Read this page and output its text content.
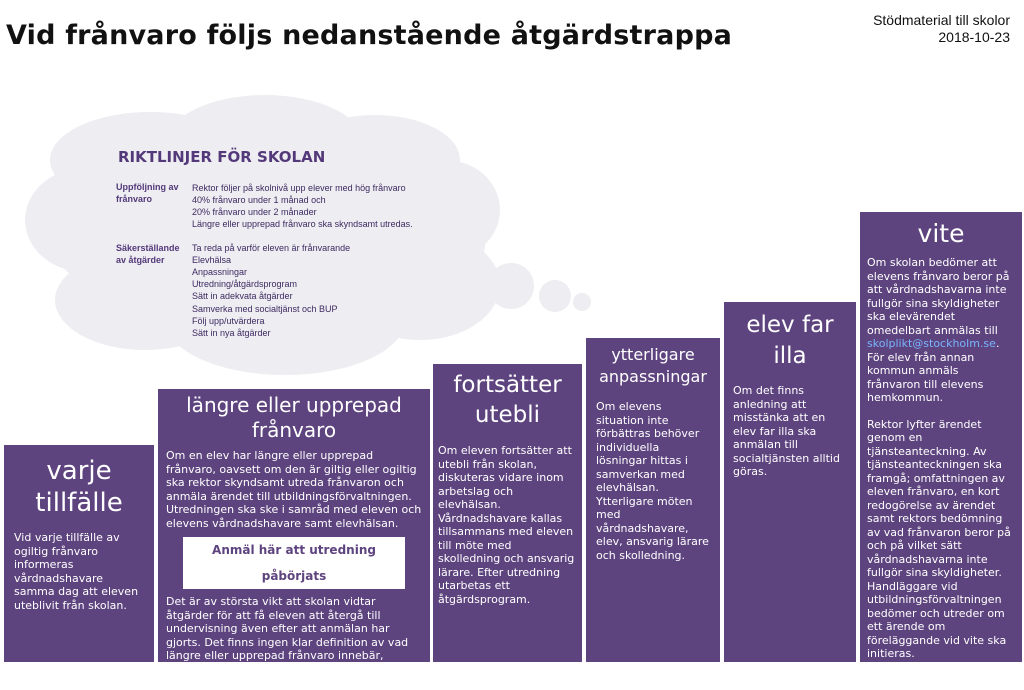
Vid frånvaro följs nedanstående åtgärdstrappa	Stödmaterial till skolor
2018-10-23
RIKTLINJER FÖR SKOLAN
Uppföljning av frånvaro
Rektor följer på skolnivå upp elever med hög frånvaro
40% frånvaro under 1 månad och
20% frånvaro under 2 månader
Längre eller upprepad frånvaro ska skyndsamt utredas.
Säkerställande av åtgärder
Ta reda på varför eleven är frånvarande
Elevhälsa
Anpassningar
Utredning/åtgärdsprogram
Sätt in adekvata åtgärder
Samverka med socialtjänst och BUP
Följ upp/utvärdera
Sätt in nya åtgärder
varje tillfälle
Vid varje tillfälle av ogiltig frånvaro informeras vårdnadshavare samma dag att eleven uteblivit från skolan.
längre eller upprepad frånvaro
Om en elev har längre eller upprepad frånvaro, oavsett om den är giltig eller ogiltig ska rektor skyndsamt utreda frånvaron och anmäla ärendet till utbildningsförvaltningen. Utredningen ska ske i samråd med eleven och elevens vårdnadshavare samt elevhälsan.
Anmäl här att utredning påbörjats
Det är av största vikt att skolan vidtar åtgärder för att få eleven att återgå till undervisning även efter att anmälan har gjorts. Det finns ingen klar definition av vad längre eller upprepad frånvaro innebär, skolan gör en individuell bedömning i varje enskilt fall.
fortsätter utebli
Om eleven fortsätter att utebli från skolan, diskuteras vidare inom arbetslag och elevhälsan. Vårdnadshavare kallas tillsammans med eleven till möte med skolledning och ansvarig lärare. Efter utredning utarbetas ett åtgärdsprogram.
ytterligare anpassningar
Om elevens situation inte förbättras behöver individuella lösningar hittas i samverkan med elevhälsan. Ytterligare möten med vårdnadshavare, elev, ansvarig lärare och skolledning.
elev far illa
Om det finns anledning att misstänka att en elev far illa ska anmälan till socialtjänsten alltid göras.
vite
Om skolan bedömer att elevens frånvaro beror på att vårdnadshavarna inte fullgör sina skyldigheter ska elevärendet omedelbart anmälas till skolplikt@stockholm.se. För elev från annan kommun anmäls frånvaron till elevens hemkommun.
Rektor lyfter ärendet genom en tjänsteanteckning. Av tjänsteanteckningen ska framgå; omfattningen av eleven frånvaro, en kort redogörelse av ärendet samt rektors bedömning av vad frånvaron beror på och på vilket sätt vårdnadshavarna inte fullgör sina skyldigheter. Handläggare vid utbildningsförvaltningen bedömer och utreder om ett ärende om föreläggande vid vite ska initieras.
